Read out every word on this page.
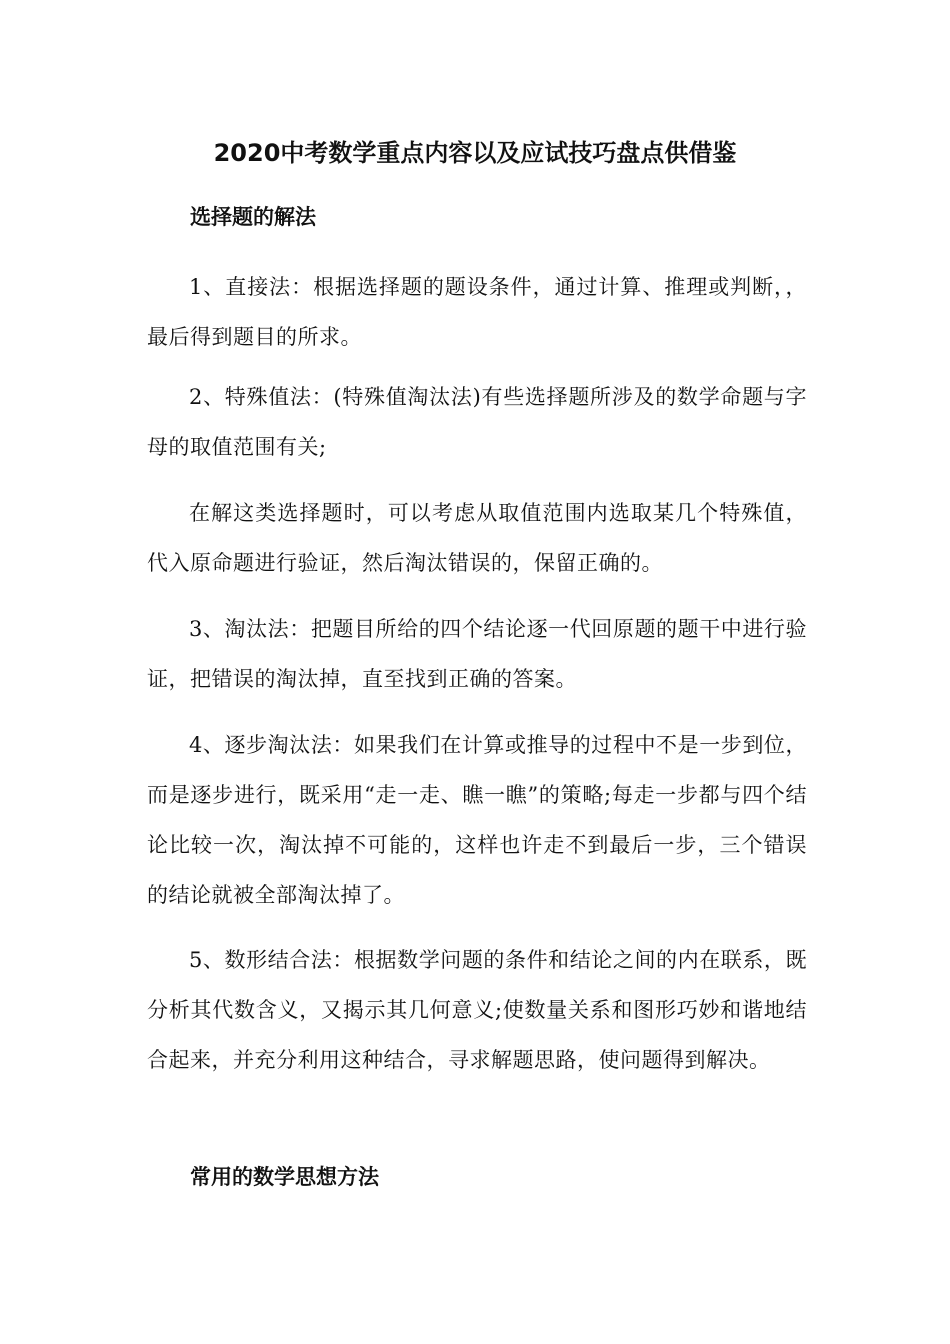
2020中考数学重点内容以及应试技巧盘点供借鉴
选择题的解法
1、直接法：根据选择题的题设条件，通过计算、推理或判断，，最后得到题目的所求。
2、特殊值法：(特殊值淘汰法)有些选择题所涉及的数学命题与字母的取值范围有关;
在解这类选择题时，可以考虑从取值范围内选取某几个特殊值，代入原命题进行验证，然后淘汰错误的，保留正确的。
3、淘汰法：把题目所给的四个结论逐一代回原题的题干中进行验证，把错误的淘汰掉，直至找到正确的答案。
4、逐步淘汰法：如果我们在计算或推导的过程中不是一步到位，而是逐步进行，既采用“走一走、瞧一瞧”的策略;每走一步都与四个结论比较一次，淘汰掉不可能的，这样也许走不到最后一步，三个错误的结论就被全部淘汰掉了。
5、数形结合法：根据数学问题的条件和结论之间的内在联系，既分析其代数含义，又揭示其几何意义;使数量关系和图形巧妙和谐地结合起来，并充分利用这种结合，寻求解题思路，使问题得到解决。
常用的数学思想方法
